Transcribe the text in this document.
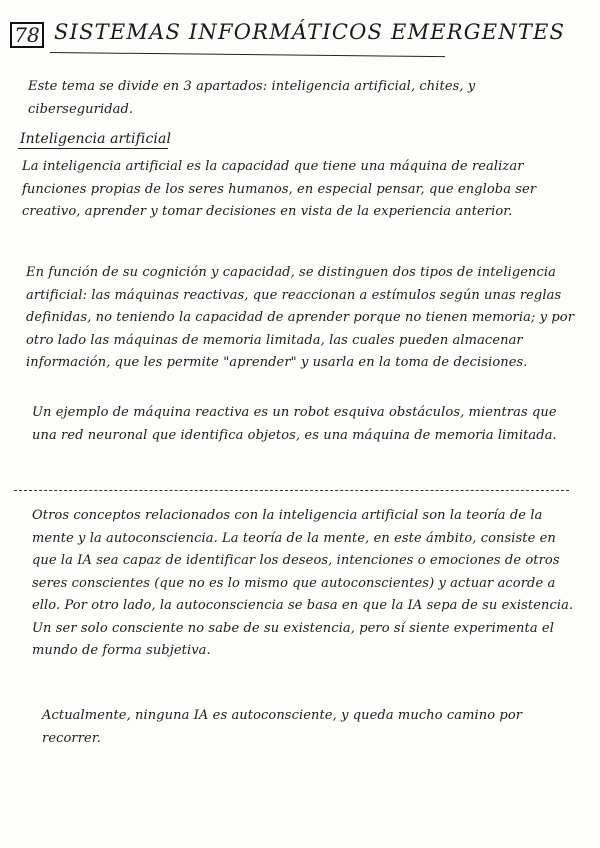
78 SISTEMAS INFORMÁTICOS EMERGENTES
Este tema se divide en 3 apartados: inteligencia artificial, chites, y ciberseguridad.
Inteligencia artificial
La inteligencia artificial es la capacidad que tiene una máquina de realizar funciones propias de los seres humanos, en especial pensar, que engloba ser creativo, aprender y tomar decisiones en vista de la experiencia anterior.
En función de su cognición y capacidad, se distinguen dos tipos de inteligencia artificial: las máquinas reactivas, que reaccionan a estímulos según unas reglas definidas, no teniendo la capacidad de aprender porque no tienen memoria; y por otro lado las máquinas de memoria limitada, las cuales pueden almacenar información, que les permite "aprender" y usarla en la toma de decisiones.
Un ejemplo de máquina reactiva es un robot esquiva obstáculos, mientras que una red neuronal que identifica objetos, es una máquina de memoria limitada.
Otros conceptos relacionados con la inteligencia artificial son la teoría de la mente y la autoconsciencia. La teoría de la mente, en este ámbito, consiste en que la IA sea capaz de identificar los deseos, intenciones o emociones de otros seres conscientes (que no es lo mismo que autoconscientes) y actuar acorde a ello. Por otro lado, la autoconsciencia se basa en que la IA sepa de su existencia. Un ser solo consciente no sabe de su existencia, pero sí siente experimenta el mundo de forma subjetiva.
Actualmente, ninguna IA es autoconsciente, y queda mucho camino por recorrer.
